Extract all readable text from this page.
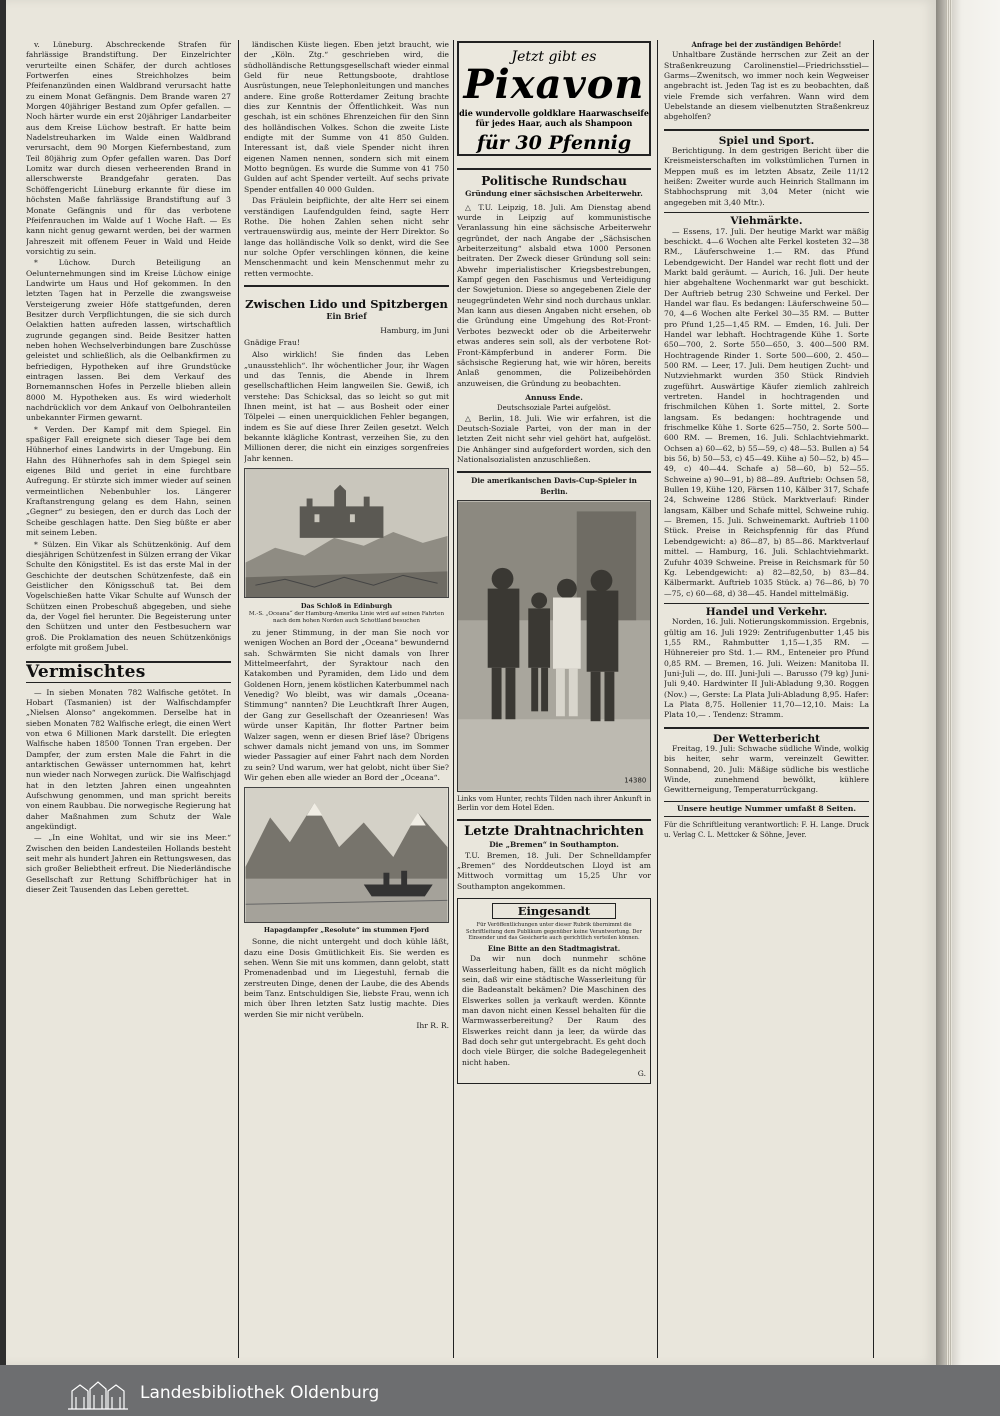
v. Lüneburg. Abschreckende Strafen für fahrlässige Brandstiftung. Der Einzelrichter verurteilte einen Schäfer, der durch achtloses Fortwerfen eines Streichholzes beim Pfeifenanzünden einen Waldbrand verursacht hatte zu einem Monat Gefängnis. Dem Brande waren 27 Morgen 40jähriger Bestand zum Opfer gefallen. — Noch härter wurde ein erst 20jähriger Landarbeiter aus dem Kreise Lüchow bestraft. Er hatte beim Nadelstreuharken im Walde einen Waldbrand verursacht, dem 90 Morgen Kiefernbestand, zum Teil 80jährig zum Opfer gefallen waren. Das Dorf Lomitz war durch diesen verheerenden Brand in allerschwerste Brandgefahr geraten. Das Schöffengericht Lüneburg erkannte für diese im höchsten Maße fahrlässige Brandstiftung auf 3 Monate Gefängnis und für das verbotene Pfeifenrauchen im Walde auf 1 Woche Haft. — Es kann nicht genug gewarnt werden, bei der warmen Jahreszeit mit offenem Feuer in Wald und Heide vorsichtig zu sein.

* Lüchow. Durch Beteiligung an Oelunternehmungen sind im Kreise Lüchow einige Landwirte um Haus und Hof gekommen. In den letzten Tagen hat in Perzelle die zwangsweise Versteigerung zweier Höfe stattgefunden, deren Besitzer durch Verpflichtungen, die sie sich durch Oelaktien hatten aufreden lassen, wirtschaftlich zugrunde gegangen sind. Beide Besitzer hatten neben hohen Wechselverbindungen bare Zuschüsse geleistet und schließlich, als die Oelbankfirmen zu befriedigen, Hypotheken auf ihre Grundstücke eintragen lassen. Bei dem Verkauf des Bornemannschen Hofes in Perzelle blieben allein 8000 M. Hypotheken aus. Es wird wiederholt nachdrücklich vor dem Ankauf von Oelbohranteilen unbekannter Firmen gewarnt.

* Verden. Der Kampf mit dem Spiegel. Ein spaßiger Fall ereignete sich dieser Tage bei dem Hühnerhof eines Landwirts in der Umgebung. Ein Hahn des Hühnerhofes sah in dem Spiegel sein eigenes Bild und geriet in eine furchtbare Aufregung. Er stürzte sich immer wieder auf seinen vermeintlichen Nebenbuhler los. Längerer Kraftanstrengung gelang es dem Hahn, seinen „Gegner“ zu besiegen, den er durch das Loch der Scheibe geschlagen hatte. Den Sieg büßte er aber mit seinem Leben.

* Sülzen. Ein Vikar als Schützenkönig. Auf dem diesjährigen Schützenfest in Sülzen errang der Vikar Schulte den Königstitel. Es ist das erste Mal in der Geschichte der deutschen Schützenfeste, daß ein Geistlicher den Königsschuß tat. Bei dem Vogelschießen hatte Vikar Schulte auf Wunsch der Schützen einen Probeschuß abgegeben, und siehe da, der Vogel fiel herunter. Die Begeisterung unter den Schützen und unter den Festbesuchern war groß. Die Proklamation des neuen Schützenkönigs erfolgte mit großem Jubel.

Vermischtes

— In sieben Monaten 782 Walfische getötet. In Hobart (Tasmanien) ist der Walfischdampfer „Nielsen Alonso“ angekommen. Derselbe hat in sieben Monaten 782 Walfische erlegt, die einen Wert von etwa 6 Millionen Mark darstellt. Die erlegten Walfische haben 18500 Tonnen Tran ergeben. Der Dampfer, der zum ersten Male die Fahrt in die antarktischen Gewässer unternommen hat, kehrt nun wieder nach Norwegen zurück. Die Walfischjagd hat in den letzten Jahren einen ungeahnten Aufschwung genommen, und man spricht bereits von einem Raubbau. Die norwegische Regierung hat daher Maßnahmen zum Schutz der Wale angekündigt.

— „In eine Wohltat, und wir sie ins Meer.“ Zwischen den beiden Landesteilen Hollands besteht seit mehr als hundert Jahren ein Rettungswesen, das sich großer Beliebtheit erfreut. Die Niederländische Gesellschaft zur Rettung Schiffbrüchiger hat in dieser Zeit Tausenden das Leben gerettet.

ländischen Küste liegen. Eben jetzt braucht, wie der „Köln. Ztg.“ geschrieben wird, die südholländische Rettungsgesellschaft wieder einmal Geld für neue Rettungsboote, drahtlose Ausrüstungen, neue Telephonleitungen und manches andere. Eine große Rotterdamer Zeitung brachte dies zur Kenntnis der Öffentlichkeit. Was nun geschah, ist ein schönes Ehrenzeichen für den Sinn des holländischen Volkes. Schon die zweite Liste endigte mit der Summe von 41 850 Gulden. Interessant ist, daß viele Spender nicht ihren eigenen Namen nennen, sondern sich mit einem Motto begnügen. Es wurde die Summe von 41 750 Gulden auf acht Spender verteilt. Auf sechs private Spender entfallen 40 000 Gulden.

Das Fräulein beipflichte, der alte Herr sei einem verständigen Laufendgulden feind, sagte Herr Rothe. Die hohen Zahlen sehen nicht sehr vertrauenswürdig aus, meinte der Herr Direktor. So lange das holländische Volk so denkt, wird die See nur solche Opfer verschlingen können, die keine Menschenmacht und kein Menschenmut mehr zu retten vermochte.

Zwischen Lido und Spitzbergen
Ein Brief
Hamburg, im Juni
Gnädige Frau!

Also wirklich! Sie finden das Leben „unausstehlich“. Ihr wöchentlicher Jour, ihr Wagen und das Tennis, die Abende in Ihrem gesellschaftlichen Heim langweilen Sie. Gewiß, ich verstehe: Das Schicksal, das so leicht so gut mit Ihnen meint, ist hat — aus Bosheit oder einer Tölpelei — einen unerquicklichen Fehler begangen, indem es Sie auf diese Ihrer Zeilen gesetzt. Welch bekannte klägliche Kontrast, verzeihen Sie, zu den Millionen derer, die nicht ein einziges sorgenfreies Jahr kennen.

Das Schloß in Edinburgh
M.-S. „Oceana“ der Hamburg-Amerika Linie wird auf seinen Fahrten nach dem hohen Norden auch Schottland besuchen

zu jener Stimmung, in der man Sie noch vor wenigen Wochen an Bord der „Oceana“ bewundernd sah. Schwärmten Sie nicht damals von Ihrer Mittelmeerfahrt, der Syraktour nach den Katakomben und Pyramiden, dem Lido und dem Goldenen Horn, jenem köstlichen Katerbummel nach Venedig? Wo bleibt, was wir damals „Oceana-Stimmung“ nannten? Die Leuchtkraft Ihrer Augen, der Gang zur Gesellschaft der Ozeanriesen! Was würde unser Kapitän, Ihr flotter Partner beim Walzer sagen, wenn er diesen Brief läse? Übrigens schwer damals nicht jemand von uns, im Sommer wieder Passagier auf einer Fahrt nach dem Norden zu sein? Und warum, wer hat gelobt, nicht über Sie? Wir gehen eben alle wieder an Bord der „Oceana“.

Hapagdampfer „Resolute“ im stummen Fjord

Sonne, die nicht untergeht und doch kühle läßt, dazu eine Dosis Gmütlichkeit Eis. Sie werden es sehen. Wenn Sie mit uns kommen, dann gelobt, statt Promenadenbad und im Liegestuhl, fernab die zerstreuten Dinge, denen der Laube, die des Abends beim Tanz. Entschuldigen Sie, liebste Frau, wenn ich mich über Ihren letzten Satz lustig machte. Dies werden Sie mir nicht verübeln.

Ihr R. R.
Jetzt gibt es
Pixavon
die wundervolle goldklare Haarwaschseife
für jedes Haar, auch als Shampoon
für 30 Pfennig
Politische Rundschau
Gründung einer sächsischen Arbeiterwehr.

△ T.U. Leipzig, 18. Juli. Am Dienstag abend wurde in Leipzig auf kommunistische Veranlassung hin eine sächsische Arbeiterwehr gegründet, der nach Angabe der „Sächsischen Arbeiterzeitung“ alsbald etwa 1000 Personen beitraten. Der Zweck dieser Gründung soll sein: Abwehr imperialistischer Kriegsbestrebungen, Kampf gegen den Faschismus und Verteidigung der Sowjetunion. Diese so angegebenen Ziele der neugegründeten Wehr sind noch durchaus unklar. Man kann aus diesen Angaben nicht ersehen, ob die Gründung eine Umgehung des Rot-Front-Verbotes bezweckt oder ob die Arbeiterwehr etwas anderes sein soll, als der verbotene Rot-Front-Kämpferbund in anderer Form. Die sächsische Regierung hat, wie wir hören, bereits Anlaß genommen, die Polizeibehörden anzuweisen, die Gründung zu beobachten.

Annuss Ende.
Deutschsoziale Partei aufgelöst.

△ Berlin, 18. Juli. Wie wir erfahren, ist die Deutsch-Soziale Partei, von der man in der letzten Zeit nicht sehr viel gehört hat, aufgelöst. Die Anhänger sind aufgefordert worden, sich den Nationalsozialisten anzuschließen.

Die amerikanischen Davis-Cup-Spieler in Berlin.
14380
Links vom Hunter, rechts Tilden nach ihrer Ankunft in Berlin vor dem Hotel Eden.
Letzte Drahtnachrichten
Die „Bremen“ in Southampton.

T.U. Bremen, 18. Juli. Der Schnelldampfer „Bremen“ des Norddeutschen Lloyd ist am Mittwoch vormittag um 15,25 Uhr vor Southampton angekommen.

Eingesandt
Für Veröffentlichungen unter dieser Rubrik übernimmt die Schriftleitung dem Publikum gegenüber keine Verantwortung. Der Einsender und das Gesicherte auch gerichtlich verteilen können.
Eine Bitte an den Stadtmagistrat.

Da wir nun doch nunmehr schöne Wasserleitung haben, fällt es da nicht möglich sein, daß wir eine städtische Wasserleitung für die Badeanstalt bekämen? Die Maschinen des Elswerkes sollen ja verkauft werden. Könnte man davon nicht einen Kessel behalten für die Warmwasserbereitung? Der Raum des Elswerkes reicht dann ja leer, da würde das Bad doch sehr gut untergebracht. Es geht doch doch viele Bürger, die solche Badegelegenheit nicht haben.

G.
Anfrage bei der zuständigen Behörde!

Unhaltbare Zustände herrschen zur Zeit an der Straßenkreuzung Carolinenstiel—Friedrichsstiel—Garms—Zwenitsch, wo immer noch kein Wegweiser angebracht ist. Jeden Tag ist es zu beobachten, daß viele Fremde sich verfahren. Wann wird dem Uebelstande an diesem vielbenutzten Straßenkreuz abgeholfen?

Spiel und Sport.

Berichtigung. In dem gestrigen Bericht über die Kreismeisterschaften im volkstümlichen Turnen in Meppen muß es im letzten Absatz, Zeile 11/12 heißen: Zweiter wurde auch Heinrich Stallmann im Stabhochsprung mit 3,04 Meter (nicht wie angegeben mit 3,40 Mtr.).

Viehmärkte.

— Essens, 17. Juli. Der heutige Markt war mäßig beschickt. 4—6 Wochen alte Ferkel kosteten 32—38 RM., Läuferschweine 1.— RM. das Pfund Lebendgewicht. Der Handel war recht flott und der Markt bald geräumt. — Aurich, 16. Juli. Der heute hier abgehaltene Wochenmarkt war gut beschickt. Der Auftrieb betrug 230 Schweine und Ferkel. Der Handel war flau. Es bedangen: Läuferschweine 50—70, 4—6 Wochen alte Ferkel 30—35 RM. — Butter pro Pfund 1,25—1,45 RM. — Emden, 16. Juli. Der Handel war lebhaft. Hochtragende Kühe 1. Sorte 650—700, 2. Sorte 550—650, 3. 400—500 RM. Hochtragende Rinder 1. Sorte 500—600, 2. 450—500 RM. — Leer, 17. Juli. Dem heutigen Zucht- und Nutzviehmarkt wurden 350 Stück Rindvieh zugeführt. Auswärtige Käufer ziemlich zahlreich vertreten. Handel in hochtragenden und frischmilchen Kühen 1. Sorte mittel, 2. Sorte langsam. Es bedangen: hochtragende und frischmelke Kühe 1. Sorte 625—750, 2. Sorte 500—600 RM. — Bremen, 16. Juli. Schlachtviehmarkt. Ochsen a) 60—62, b) 55—59, c) 48—53. Bullen a) 54 bis 56, b) 50—53, c) 45—49. Kühe a) 50—52, b) 45—49, c) 40—44. Schafe a) 58—60, b) 52—55. Schweine a) 90—91, b) 88—89. Auftrieb: Ochsen 58, Bullen 19, Kühe 120, Färsen 110, Kälber 317, Schafe 24, Schweine 1286 Stück. Marktverlauf: Rinder langsam, Kälber und Schafe mittel, Schweine ruhig. — Bremen, 15. Juli. Schweinemarkt. Auftrieb 1100 Stück. Preise in Reichspfennig für das Pfund Lebendgewicht: a) 86—87, b) 85—86. Marktverlauf mittel. — Hamburg, 16. Juli. Schlachtviehmarkt. Zufuhr 4039 Schweine. Preise in Reichsmark für 50 Kg. Lebendgewicht: a) 82—82,50, b) 83—84. Kälbermarkt. Auftrieb 1035 Stück. a) 76—86, b) 70—75, c) 60—68, d) 38—45. Handel mittelmäßig.

Handel und Verkehr.

Norden, 16. Juli. Notierungskommission. Ergebnis, gültig am 16. Juli 1929: Zentrifugenbutter 1,45 bis 1,55 RM., Rahmbutter 1,15—1,35 RM. — Hühnereier pro Std. 1.— RM., Enteneier pro Pfund 0,85 RM. — Bremen, 16. Juli. Weizen: Manitoba II. Juni-Juli —, do. III. Juni-Juli —. Barusso (79 kg) Juni-Juli 9,40. Hardwinter II Juli-Abladung 9,30. Roggen (Nov.) —, Gerste: La Plata Juli-Abladung 8,95. Hafer: La Plata 8,75. Hollenier 11,70—12,10. Mais: La Plata 10,— . Tendenz: Stramm.

Der Wetterbericht

Freitag, 19. Juli: Schwache südliche Winde, wolkig bis heiter, sehr warm, vereinzelt Gewitter. Sonnabend, 20. Juli: Mäßige südliche bis westliche Winde, zunehmend bewölkt, kühlere Gewitterneigung, Temperaturrückgang.

Unsere heutige Nummer umfaßt 8 Seiten.
Für die Schriftleitung verantwortlich: F. H. Lange. Druck u. Verlag C. L. Mettcker & Söhne, Jever.
Landesbibliothek Oldenburg
